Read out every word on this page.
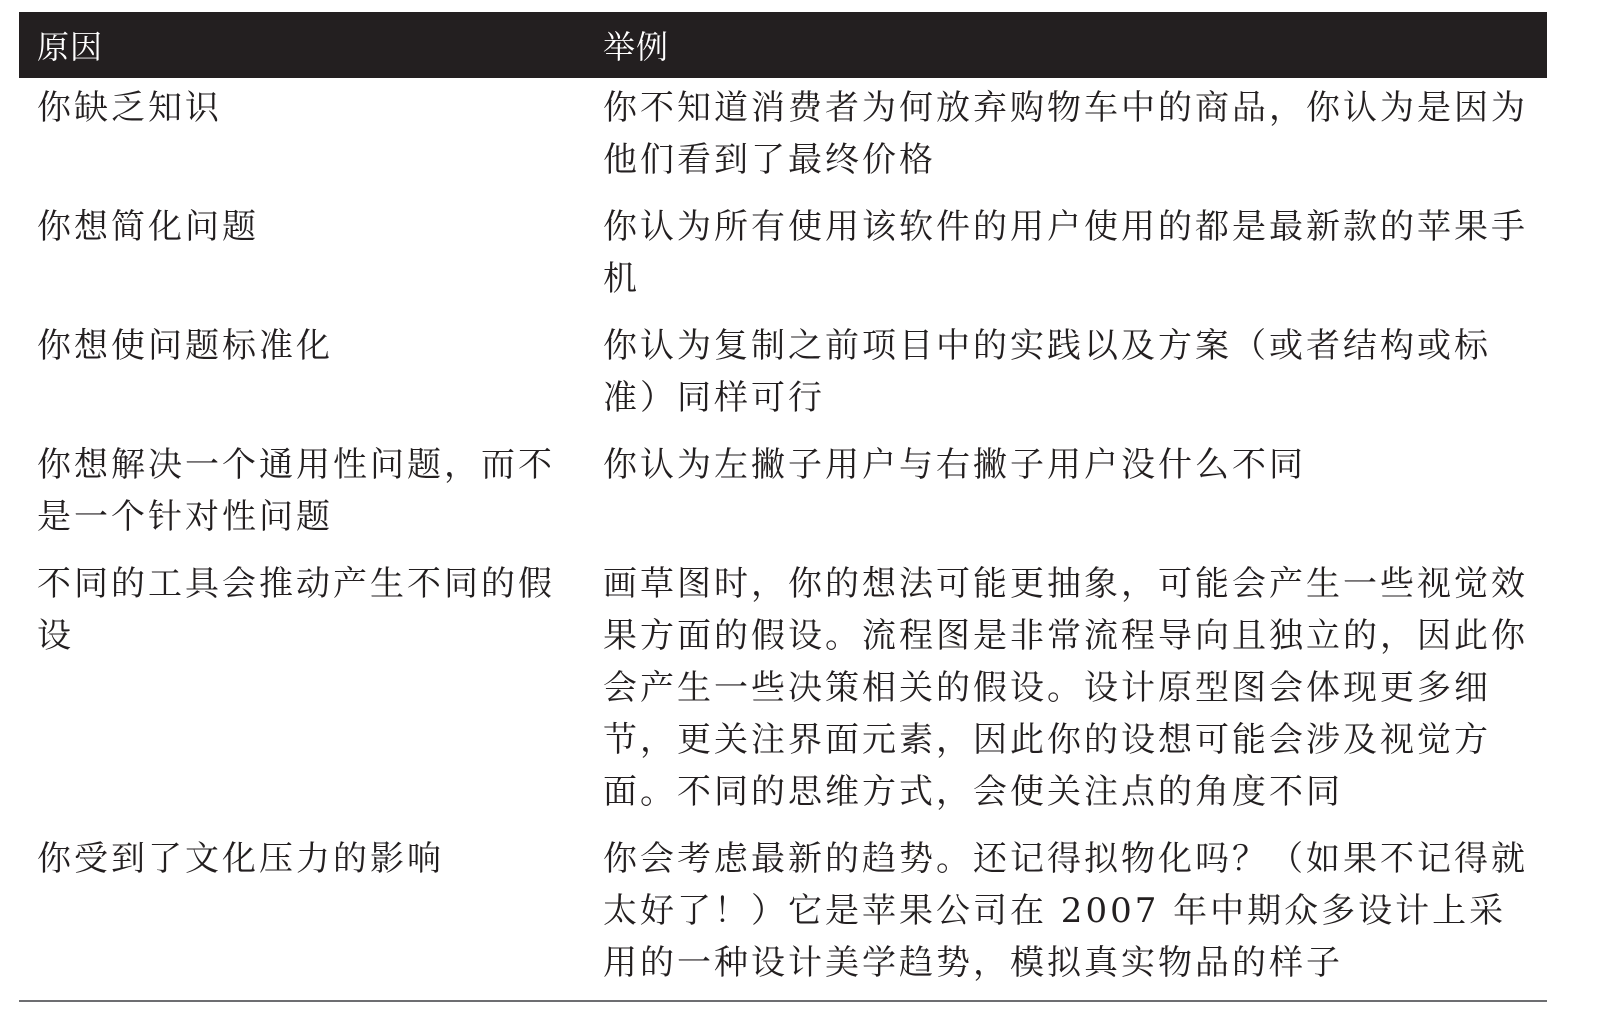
原因	举例
你缺乏知识	你不知道消费者为何放弃购物车中的商品，你认为是因为他们看到了最终价格
你想简化问题	你认为所有使用该软件的用户使用的都是最新款的苹果手机
你想使问题标准化	你认为复制之前项目中的实践以及方案（或者结构或标准）同样可行
你想解决一个通用性问题，而不是一个针对性问题	你认为左撇子用户与右撇子用户没什么不同
不同的工具会推动产生不同的假设	画草图时，你的想法可能更抽象，可能会产生一些视觉效果方面的假设。流程图是非常流程导向且独立的，因此你会产生一些决策相关的假设。设计原型图会体现更多细节，更关注界面元素，因此你的设想可能会涉及视觉方面。不同的思维方式，会使关注点的角度不同
你受到了文化压力的影响	你会考虑最新的趋势。还记得拟物化吗？（如果不记得就太好了！）它是苹果公司在 2007 年中期众多设计上采用的一种设计美学趋势，模拟真实物品的样子
